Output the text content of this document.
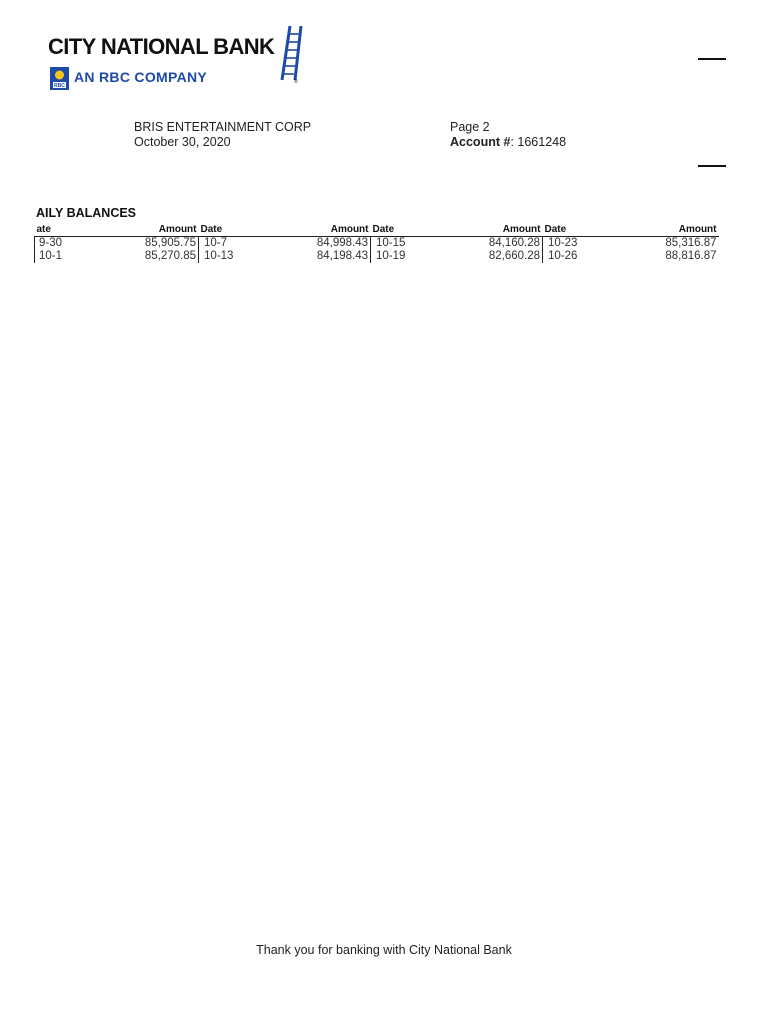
CITY NATIONAL BANK
®
RBC
AN RBC COMPANY
BRIS ENTERTAINMENT CORP
October 30, 2020
Page 2
Account #: 1661248
AILY BALANCES
ate	Amount	Date	Amount	Date	Amount	Date	Amount
9-30	85,905.75	10-7	84,998.43	10-15	84,160.28	10-23	85,316.87
10-1	85,270.85	10-13	84,198.43	10-19	82,660.28	10-26	88,816.87
Thank you for banking with City National Bank
